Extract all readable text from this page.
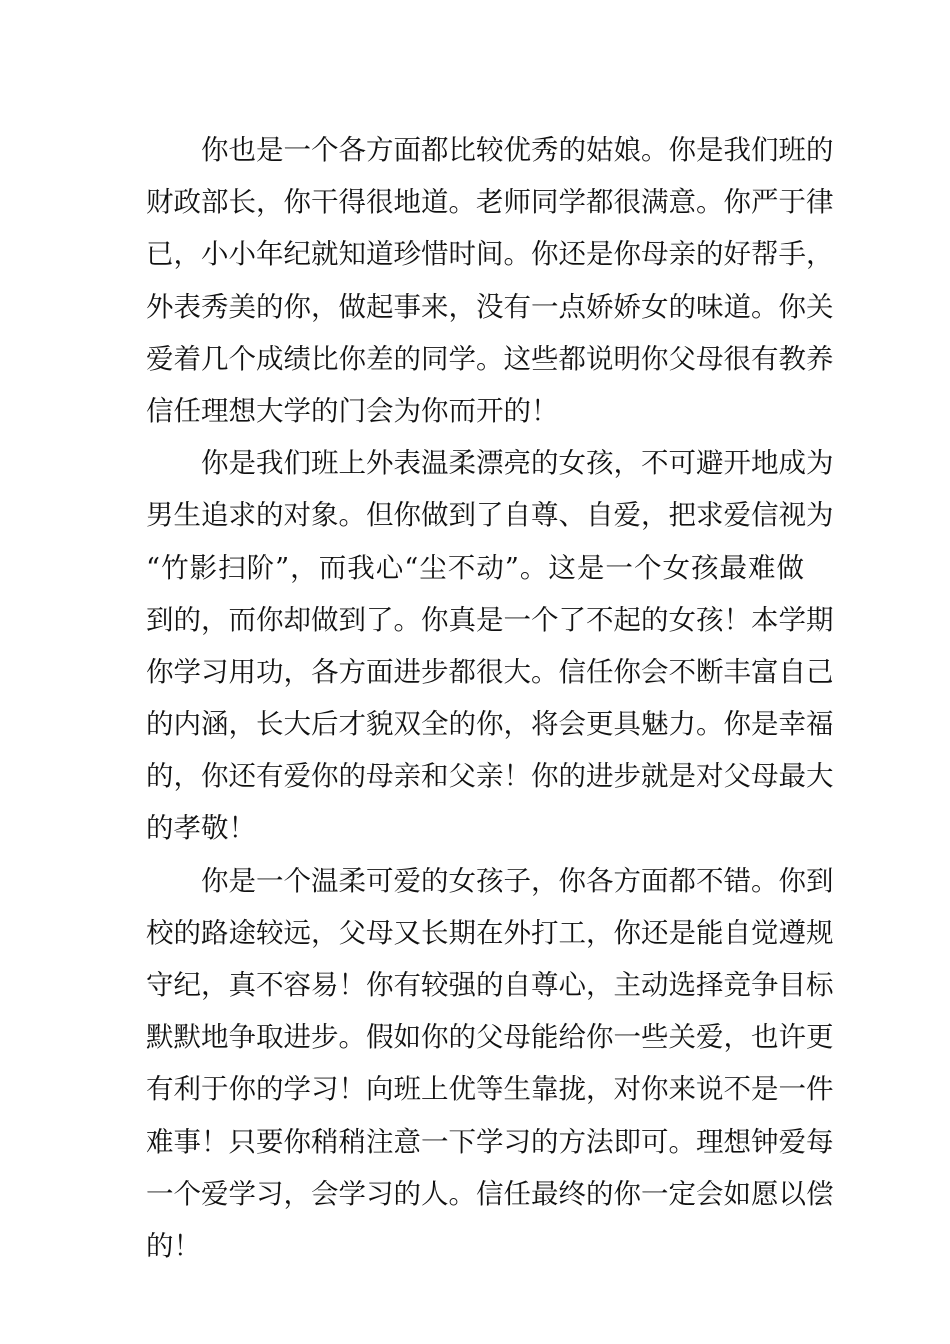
你也是一个各方面都比较优秀的姑娘。你是我们班的
财政部长，你干得很地道。老师同学都很满意。你严于律
已，小小年纪就知道珍惜时间。你还是你母亲的好帮手，
外表秀美的你，做起事来，没有一点娇娇女的味道。你关
爱着几个成绩比你差的同学。这些都说明你父母很有教养
信任理想大学的门会为你而开的！
你是我们班上外表温柔漂亮的女孩，不可避开地成为
男生追求的对象。但你做到了自尊、自爱，把求爱信视为
“竹影扫阶”，而我心“尘不动”。这是一个女孩最难做
到的，而你却做到了。你真是一个了不起的女孩！本学期
你学习用功，各方面进步都很大。信任你会不断丰富自己
的内涵，长大后才貌双全的你，将会更具魅力。你是幸福
的，你还有爱你的母亲和父亲！你的进步就是对父母最大
的孝敬！
你是一个温柔可爱的女孩子，你各方面都不错。你到
校的路途较远，父母又长期在外打工，你还是能自觉遵规
守纪，真不容易！你有较强的自尊心，主动选择竞争目标
默默地争取进步。假如你的父母能给你一些关爱，也许更
有利于你的学习！向班上优等生靠拢，对你来说不是一件
难事！只要你稍稍注意一下学习的方法即可。理想钟爱每
一个爱学习，会学习的人。信任最终的你一定会如愿以偿
的！
